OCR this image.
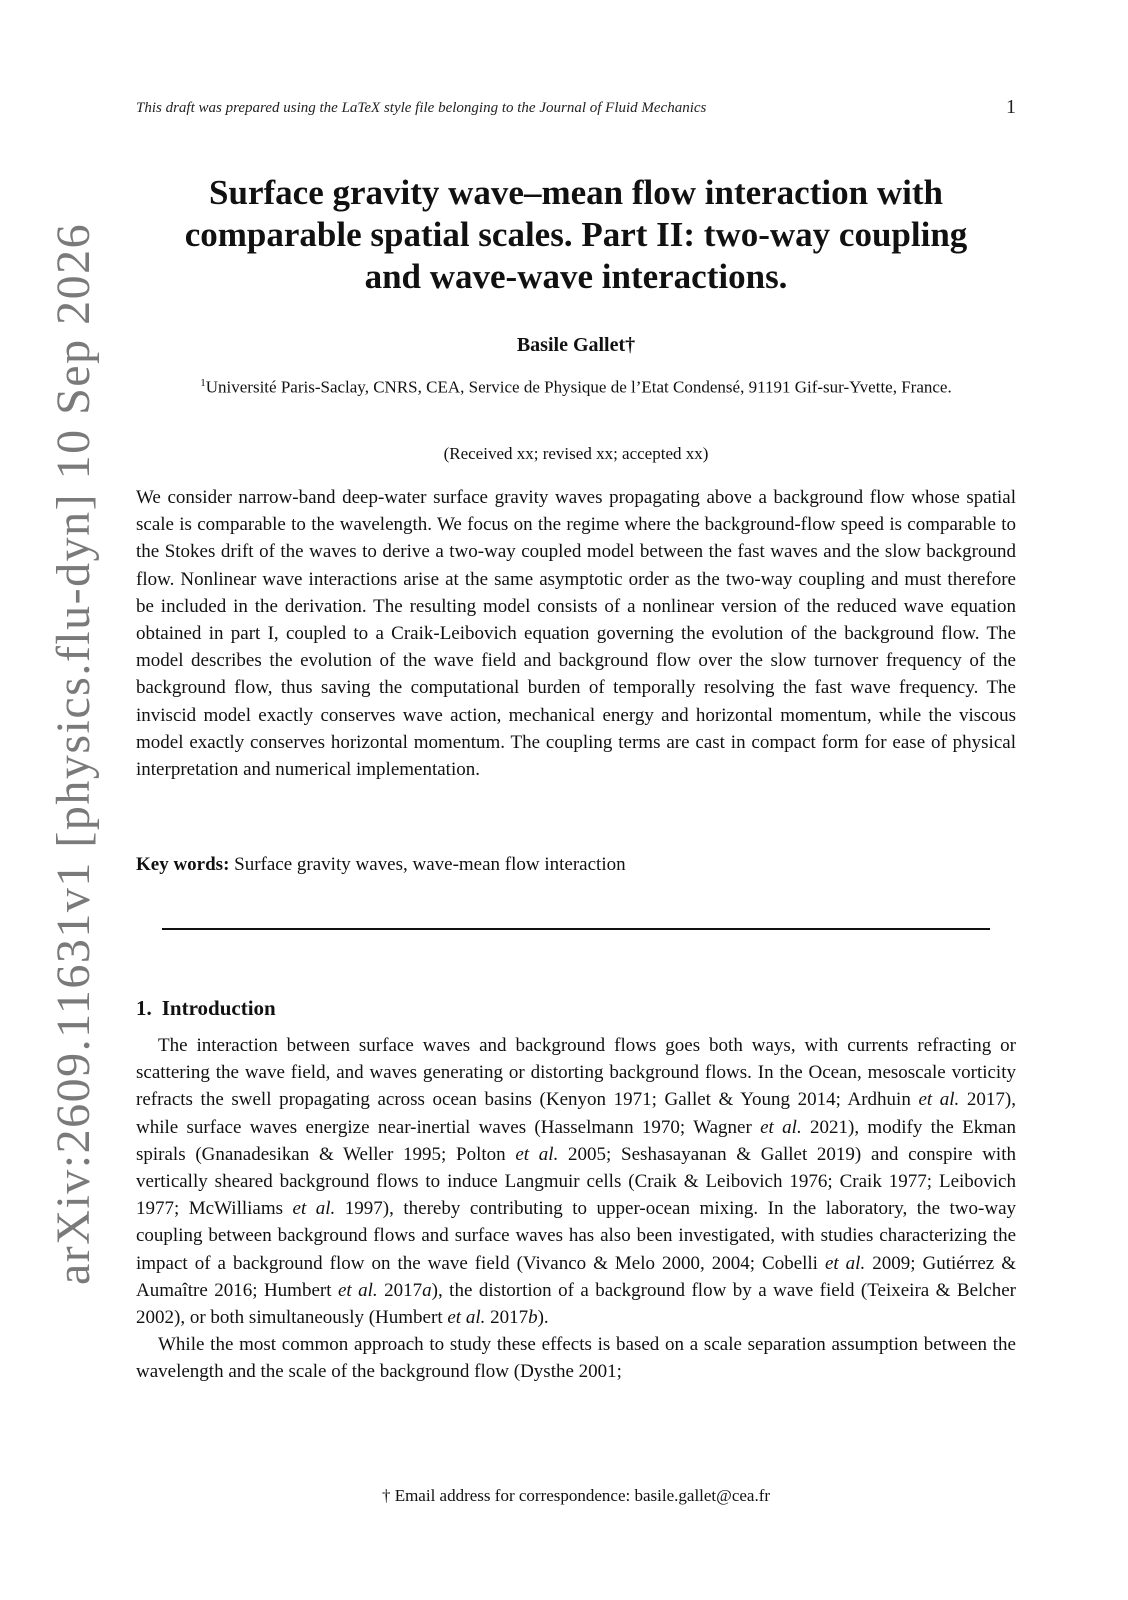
This draft was prepared using the LaTeX style file belonging to the Journal of Fluid Mechanics	1
arXiv:2609.11631v1 [physics.flu-dyn] 10 Sep 2026
Surface gravity wave–mean flow interaction with
comparable spatial scales. Part II: two-way coupling
and wave-wave interactions.
Basile Gallet†
$^1$Université Paris-Saclay, CNRS, CEA, Service de Physique de l’Etat Condensé, 91191 Gif-sur-Yvette, France.
(Received xx; revised xx; accepted xx)

We consider narrow-band deep-water surface gravity waves propagating above a background flow whose spatial scale is comparable to the wavelength. We focus on the regime where the background-flow speed is comparable to the Stokes drift of the waves to derive a two-way coupled model between the fast waves and the slow background flow. Nonlinear wave interactions arise at the same asymptotic order as the two-way coupling and must therefore be included in the derivation. The resulting model consists of a nonlinear version of the reduced wave equation obtained in part I, coupled to a Craik-Leibovich equation governing the evolution of the background flow. The model describes the evolution of the wave field and background flow over the slow turnover frequency of the background flow, thus saving the computational burden of temporally resolving the fast wave frequency. The inviscid model exactly conserves wave action, mechanical energy and horizontal momentum, while the viscous model exactly conserves horizontal momentum. The coupling terms are cast in compact form for ease of physical interpretation and numerical implementation.

Key words: Surface gravity waves, wave-mean flow interaction
1. Introduction

The interaction between surface waves and background flows goes both ways, with currents refracting or scattering the wave field, and waves generating or distorting background flows. In the Ocean, mesoscale vorticity refracts the swell propagating across ocean basins (Kenyon 1971; Gallet & Young 2014; Ardhuin et al. 2017), while surface waves energize near-inertial waves (Hasselmann 1970; Wagner et al. 2021), modify the Ekman spirals (Gnanadesikan & Weller 1995; Polton et al. 2005; Seshasayanan & Gallet 2019) and conspire with vertically sheared background flows to induce Langmuir cells (Craik & Leibovich 1976; Craik 1977; Leibovich 1977; McWilliams et al. 1997), thereby contributing to upper-ocean mixing. In the laboratory, the two-way coupling between background flows and surface waves has also been investigated, with studies characterizing the impact of a background flow on the wave field (Vivanco & Melo 2000, 2004; Cobelli et al. 2009; Gutiérrez & Aumaître 2016; Humbert et al. 2017a), the distortion of a background flow by a wave field (Teixeira & Belcher 2002), or both simultaneously (Humbert et al. 2017b).

While the most common approach to study these effects is based on a scale separation assumption between the wavelength and the scale of the background flow (Dysthe 2001;

† Email address for correspondence: basile.gallet@cea.fr
